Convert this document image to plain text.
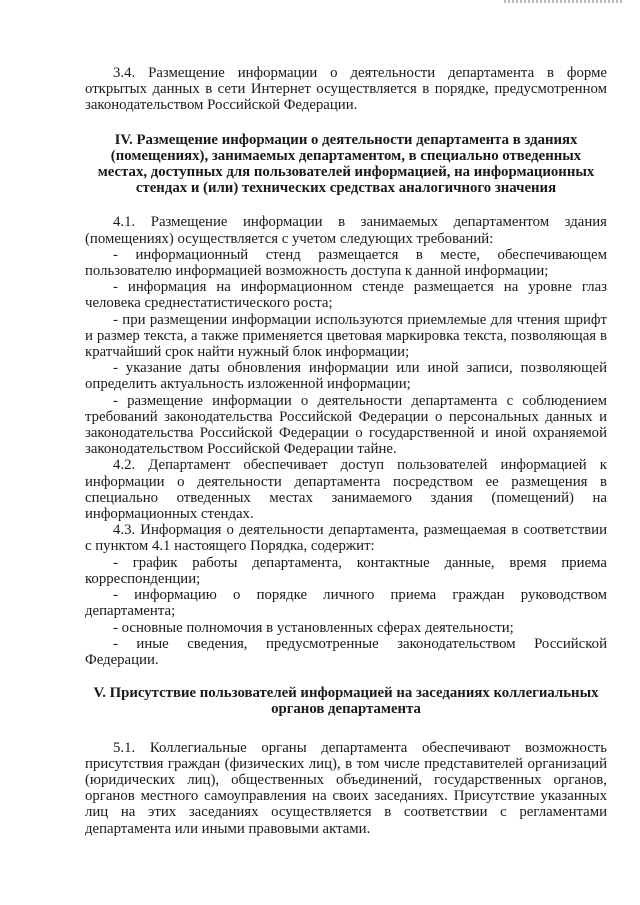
3.4. Размещение информации о деятельности департамента в форме открытых данных в сети Интернет осуществляется в порядке, предусмотренном законодательством Российской Федерации.

IV. Размещение информации о деятельности департамента в зданиях (помещениях), занимаемых департаментом, в специально отведенных местах, доступных для пользователей информацией, на информационных стендах и (или) технических средствах аналогичного значения

4.1. Размещение информации в занимаемых департаментом здания (помещениях) осуществляется с учетом следующих требований:

- информационный стенд размещается в месте, обеспечивающем пользователю информацией возможность доступа к данной информации;

- информация на информационном стенде размещается на уровне глаз человека среднестатистического роста;

- при размещении информации используются приемлемые для чтения шрифт и размер текста, а также применяется цветовая маркировка текста, позволяющая в кратчайший срок найти нужный блок информации;

- указание даты обновления информации или иной записи, позволяющей определить актуальность изложенной информации;

- размещение информации о деятельности департамента с соблюдением требований законодательства Российской Федерации о персональных данных и законодательства Российской Федерации о государственной и иной охраняемой законодательством Российской Федерации тайне.

4.2. Департамент обеспечивает доступ пользователей информацией к информации о деятельности департамента посредством ее размещения в специально отведенных местах занимаемого здания (помещений) на информационных стендах.

4.3. Информация о деятельности департамента, размещаемая в соответствии с пунктом 4.1 настоящего Порядка, содержит:

- график работы департамента, контактные данные, время приема корреспонденции;

- информацию о порядке личного приема граждан руководством департамента;

- основные полномочия в установленных сферах деятельности;

- иные сведения, предусмотренные законодательством Российской Федерации.

V. Присутствие пользователей информацией на заседаниях коллегиальных органов департамента

5.1. Коллегиальные органы департамента обеспечивают возможность присутствия граждан (физических лиц), в том числе представителей организаций (юридических лиц), общественных объединений, государственных органов, органов местного самоуправления на своих заседаниях. Присутствие указанных лиц на этих заседаниях осуществляется в соответствии с регламентами департамента или иными правовыми актами.
